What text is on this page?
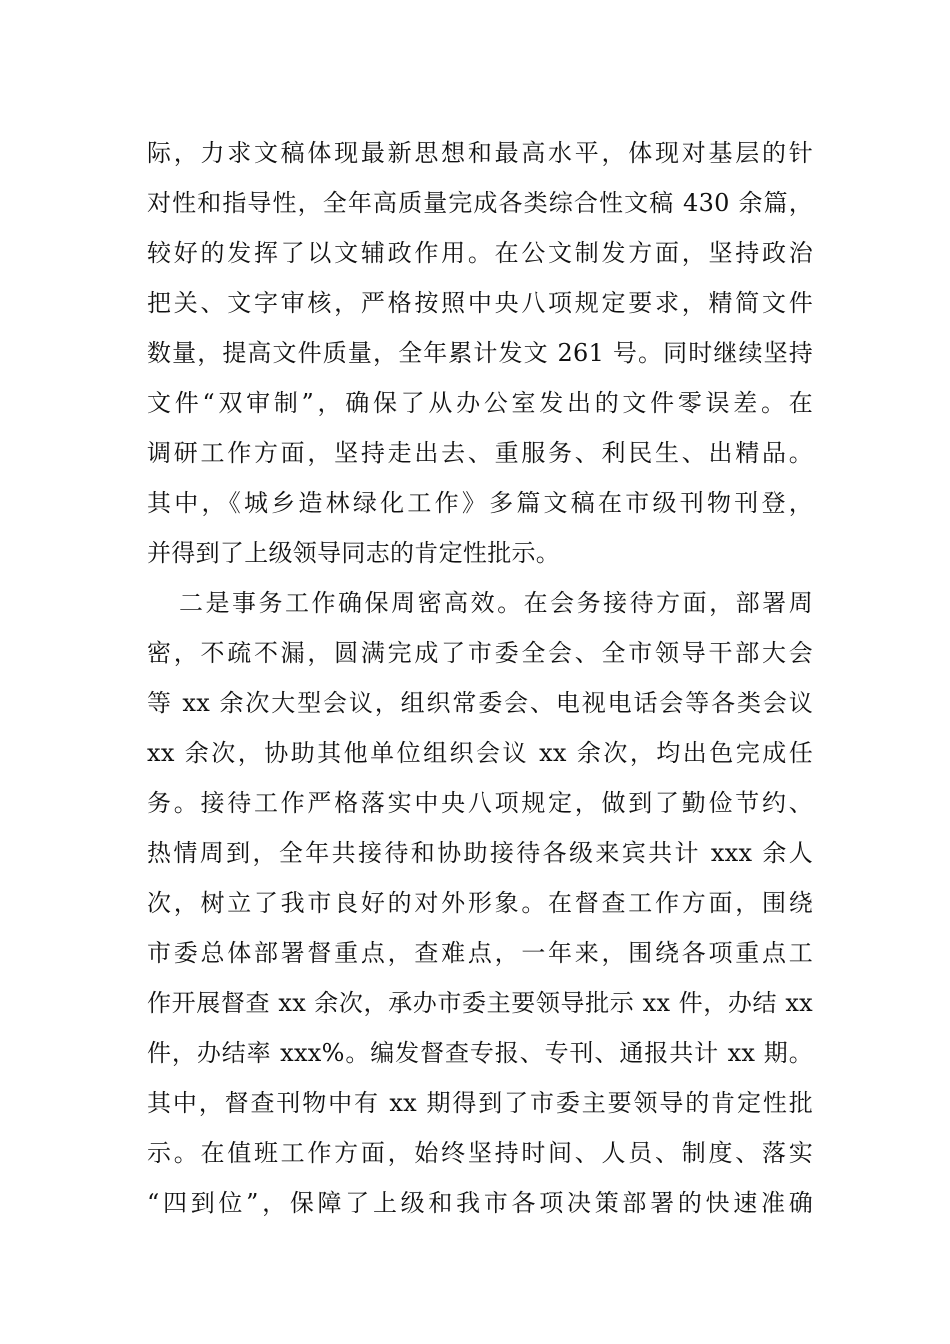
际，力求文稿体现最新思想和最高水平，体现对基层的针
对性和指导性，全年高质量完成各类综合性文稿 430 余篇，
较好的发挥了以文辅政作用。在公文制发方面，坚持政治
把关、文字审核，严格按照中央八项规定要求，精简文件
数量，提高文件质量，全年累计发文 261 号。同时继续坚持
文件“双审制”，确保了从办公室发出的文件零误差。在
调研工作方面，坚持走出去、重服务、利民生、出精品。
其中，《城乡造林绿化工作》多篇文稿在市级刊物刊登，
并得到了上级领导同志的肯定性批示。
二是事务工作确保周密高效。在会务接待方面，部署周
密，不疏不漏，圆满完成了市委全会、全市领导干部大会
等 xx 余次大型会议，组织常委会、电视电话会等各类会议
xx 余次，协助其他单位组织会议 xx 余次，均出色完成任
务。接待工作严格落实中央八项规定，做到了勤俭节约、
热情周到，全年共接待和协助接待各级来宾共计 xxx 余人
次，树立了我市良好的对外形象。在督查工作方面，围绕
市委总体部署督重点，查难点，一年来，围绕各项重点工
作开展督查 xx 余次，承办市委主要领导批示 xx 件，办结 xx
件，办结率 xxx%。编发督查专报、专刊、通报共计 xx 期。
其中，督查刊物中有 xx 期得到了市委主要领导的肯定性批
示。在值班工作方面，始终坚持时间、人员、制度、落实
“四到位”，保障了上级和我市各项决策部署的快速准确
